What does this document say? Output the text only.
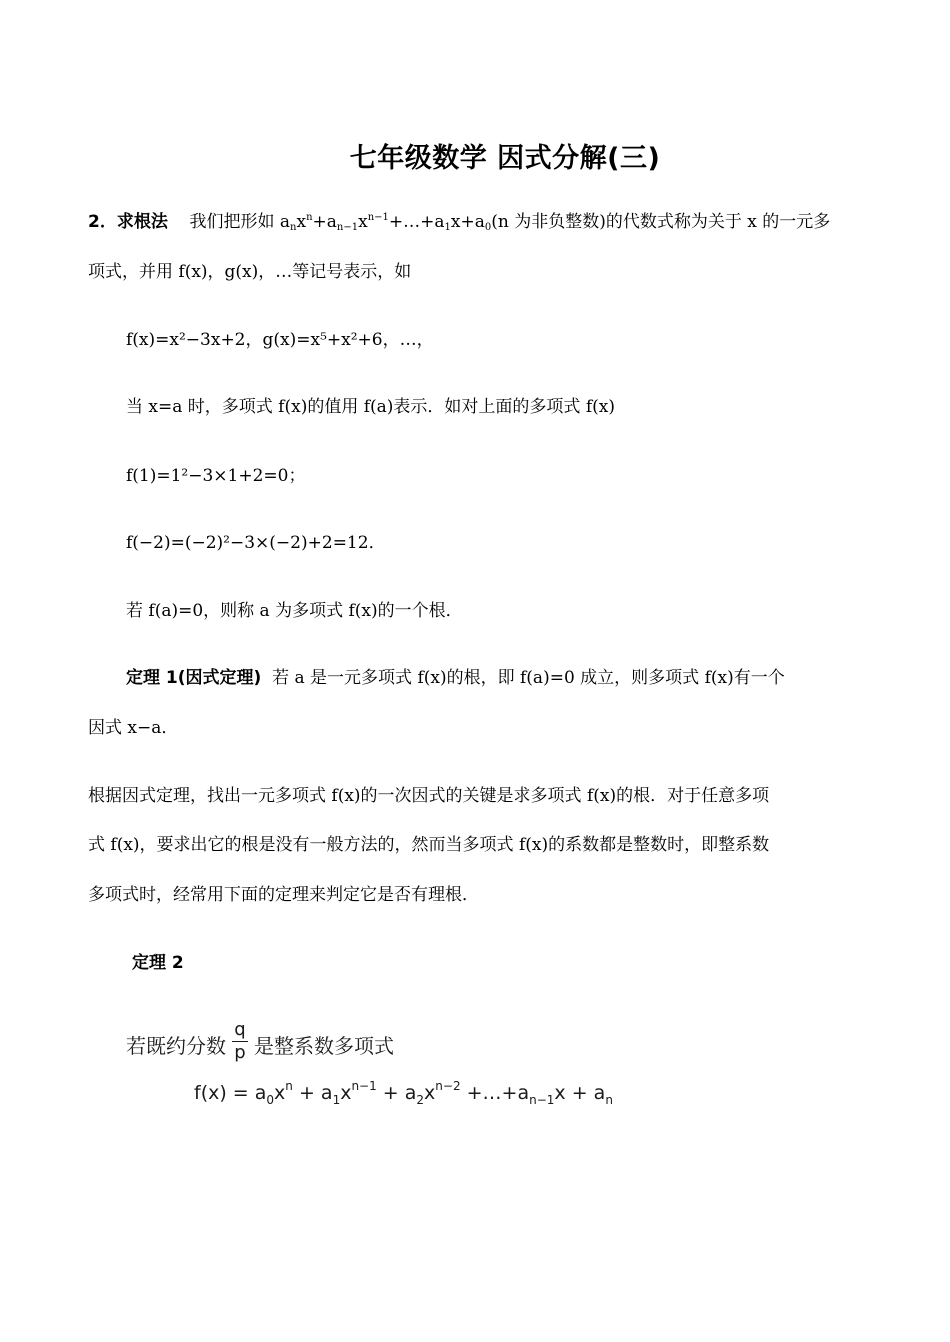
七年级数学 因式分解(三)
2．求根法 我们把形如 $a_nx^n+a_{n-1}x^{n-1}+\dots+a_1x+a_0(n$ 为非负整数)的代数式称为关于 x 的一元多
项式，并用 f(x)，g(x)，…等记号表示，如
f(x)=x²−3x+2，g(x)=x⁵+x²+6，…，
当 x=a 时，多项式 f(x)的值用 f(a)表示．如对上面的多项式 f(x)
f(1)=1²−3×1+2=0；
f(−2)=(−2)²−3×(−2)+2=12．
若 f(a)=0，则称 a 为多项式 f(x)的一个根．
定理 1(因式定理) 若 a 是一元多项式 f(x)的根，即 f(a)=0 成立，则多项式 f(x)有一个
因式 x−a．
根据因式定理，找出一元多项式 f(x)的一次因式的关键是求多项式 f(x)的根．对于任意多项
式 f(x)，要求出它的根是没有一般方法的，然而当多项式 f(x)的系数都是整数时，即整系数
多项式时，经常用下面的定理来判定它是否有理根．
定理 2
若既约分数
q
p 是整系数多项式
$f(x) = a_0x^n + a_1x^{n-1} + a_2x^{n-2}$ $+\dots+a_{n-1}x + a_n$
